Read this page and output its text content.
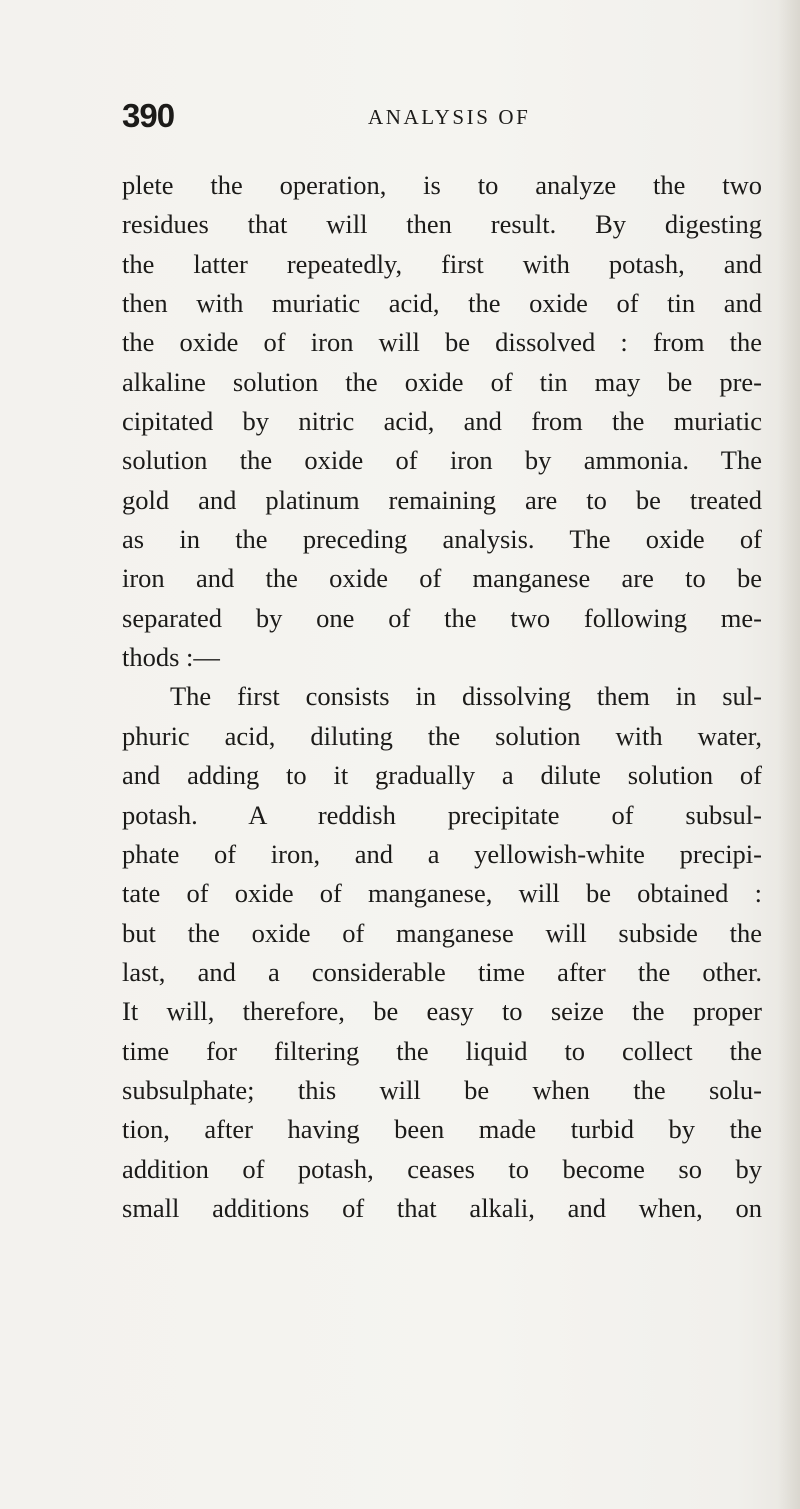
390	ANALYSIS OF
plete the operation, is to analyze the two
residues that will then result. By digesting
the latter repeatedly, first with potash, and
then with muriatic acid, the oxide of tin and
the oxide of iron will be dissolved : from the
alkaline solution the oxide of tin may be pre-
cipitated by nitric acid, and from the muriatic
solution the oxide of iron by ammonia. The
gold and platinum remaining are to be treated
as in the preceding analysis. The oxide of
iron and the oxide of manganese are to be
separated by one of the two following me-
thods :—
The first consists in dissolving them in sul-
phuric acid, diluting the solution with water,
and adding to it gradually a dilute solution of
potash. A reddish precipitate of subsul-
phate of iron, and a yellowish-white precipi-
tate of oxide of manganese, will be obtained :
but the oxide of manganese will subside the
last, and a considerable time after the other.
It will, therefore, be easy to seize the proper
time for filtering the liquid to collect the
subsulphate; this will be when the solu-
tion, after having been made turbid by the
addition of potash, ceases to become so by
small additions of that alkali, and when, on
